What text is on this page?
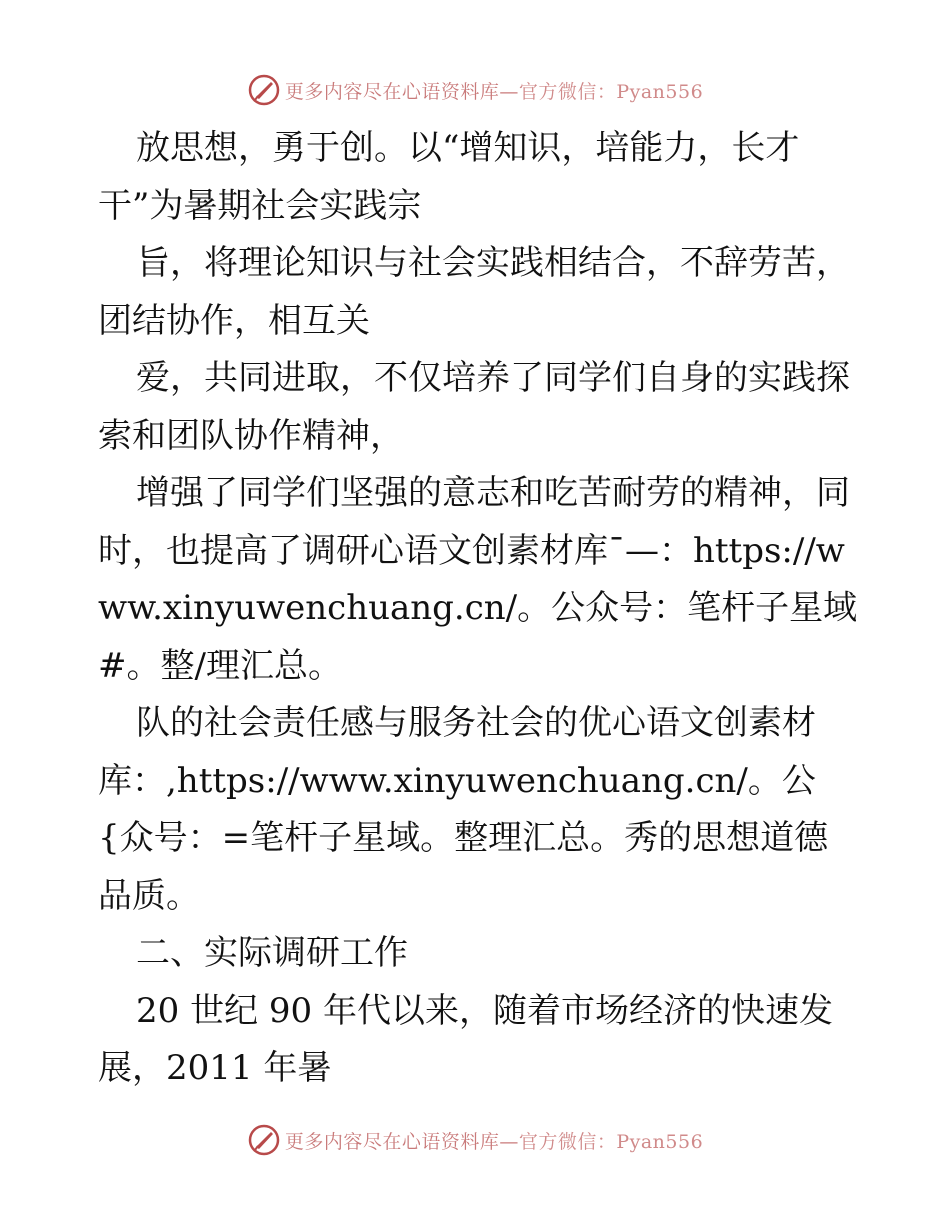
更多内容尽在心语资料库—官方微信：Pyan556

放思想，勇于创。以“增知识，培能力，长才干”为暑期社会实践宗

旨，将理论知识与社会实践相结合，不辞劳苦，团结协作，相互关

爱，共同进取，不仅培养了同学们自身的实践探索和团队协作精神，

增强了同学们坚强的意志和吃苦耐劳的精神，同时，也提高了调研心语文创素材库¯—：https://www.xinyuwenchuang.cn/。公众号：笔杆子星域#。整/理汇总。

队的社会责任感与服务社会的优心语文创素材库：,https://www.xinyuwenchuang.cn/。公{众号：=笔杆子星域。整理汇总。秀的思想道德品质。

二、实际调研工作

20 世纪 90 年代以来，随着市场经济的快速发展，2011 年暑

更多内容尽在心语资料库—官方微信：Pyan556
